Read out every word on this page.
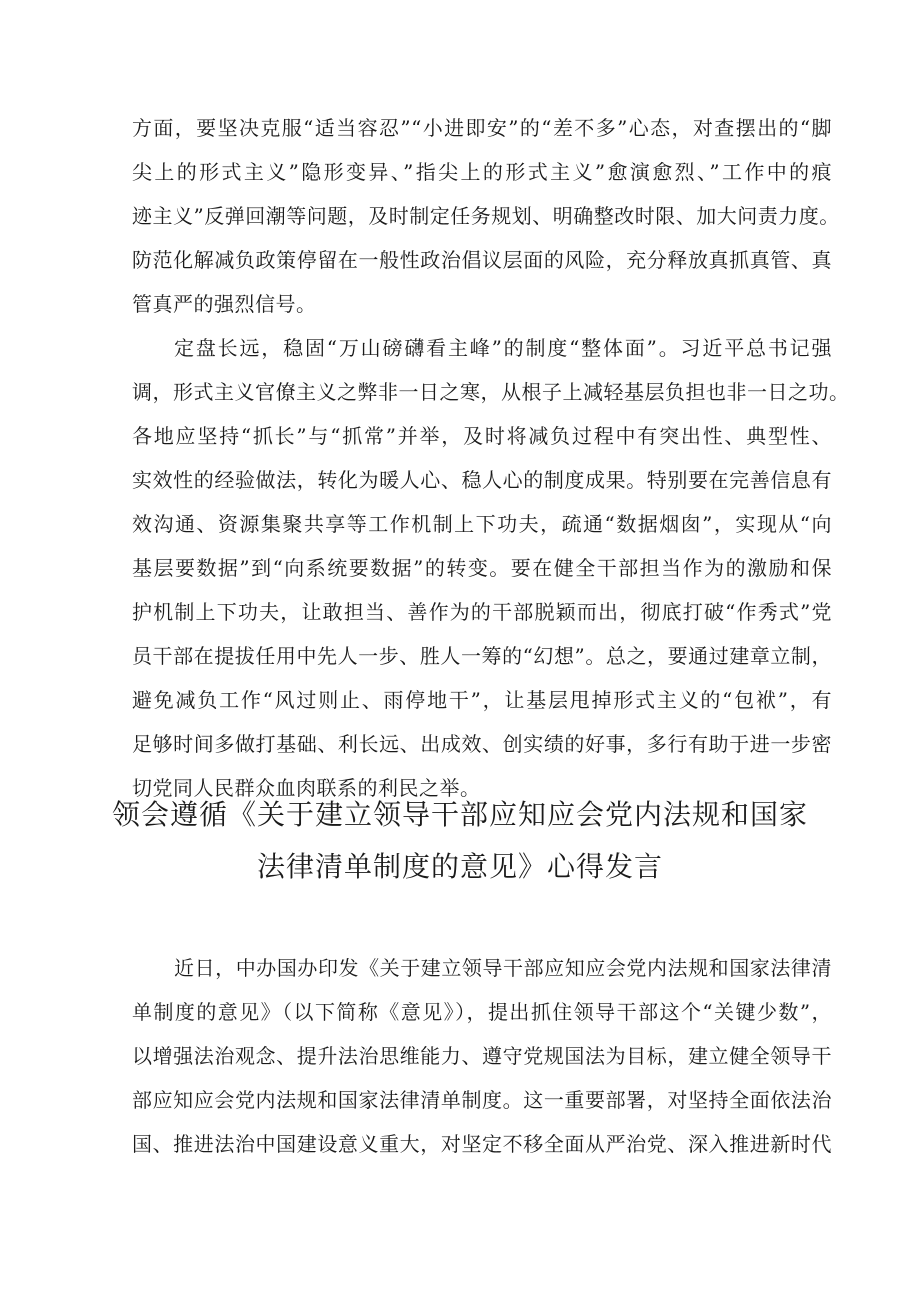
方面，要坚决克服“适当容忍”“小进即安”的“差不多”心态，对查摆出的“脚
尖上的形式主义”隐形变异、”指尖上的形式主义”愈演愈烈、”工作中的痕
迹主义”反弹回潮等问题，及时制定任务规划、明确整改时限、加大问责力度。
防范化解减负政策停留在一般性政治倡议层面的风险，充分释放真抓真管、真
管真严的强烈信号。
定盘长远，稳固“万山磅礴看主峰”的制度“整体面”。习近平总书记强
调，形式主义官僚主义之弊非一日之寒，从根子上减轻基层负担也非一日之功。
各地应坚持“抓长”与“抓常”并举，及时将减负过程中有突出性、典型性、
实效性的经验做法，转化为暖人心、稳人心的制度成果。特别要在完善信息有
效沟通、资源集聚共享等工作机制上下功夫，疏通“数据烟囱”，实现从“向
基层要数据”到“向系统要数据”的转变。要在健全干部担当作为的激励和保
护机制上下功夫，让敢担当、善作为的干部脱颖而出，彻底打破“作秀式”党
员干部在提拔任用中先人一步、胜人一筹的“幻想”。总之，要通过建章立制，
避免减负工作“风过则止、雨停地干”，让基层甩掉形式主义的“包袱”，有
足够时间多做打基础、利长远、出成效、创实绩的好事，多行有助于进一步密
切党同人民群众血肉联系的利民之举。
领会遵循《关于建立领导干部应知应会党内法规和国家
法律清单制度的意见》心得发言
近日，中办国办印发《关于建立领导干部应知应会党内法规和国家法律清
单制度的意见》（以下简称《意见》），提出抓住领导干部这个“关键少数”，
以增强法治观念、提升法治思维能力、遵守党规国法为目标，建立健全领导干
部应知应会党内法规和国家法律清单制度。这一重要部署，对坚持全面依法治
国、推进法治中国建设意义重大，对坚定不移全面从严治党、深入推进新时代
